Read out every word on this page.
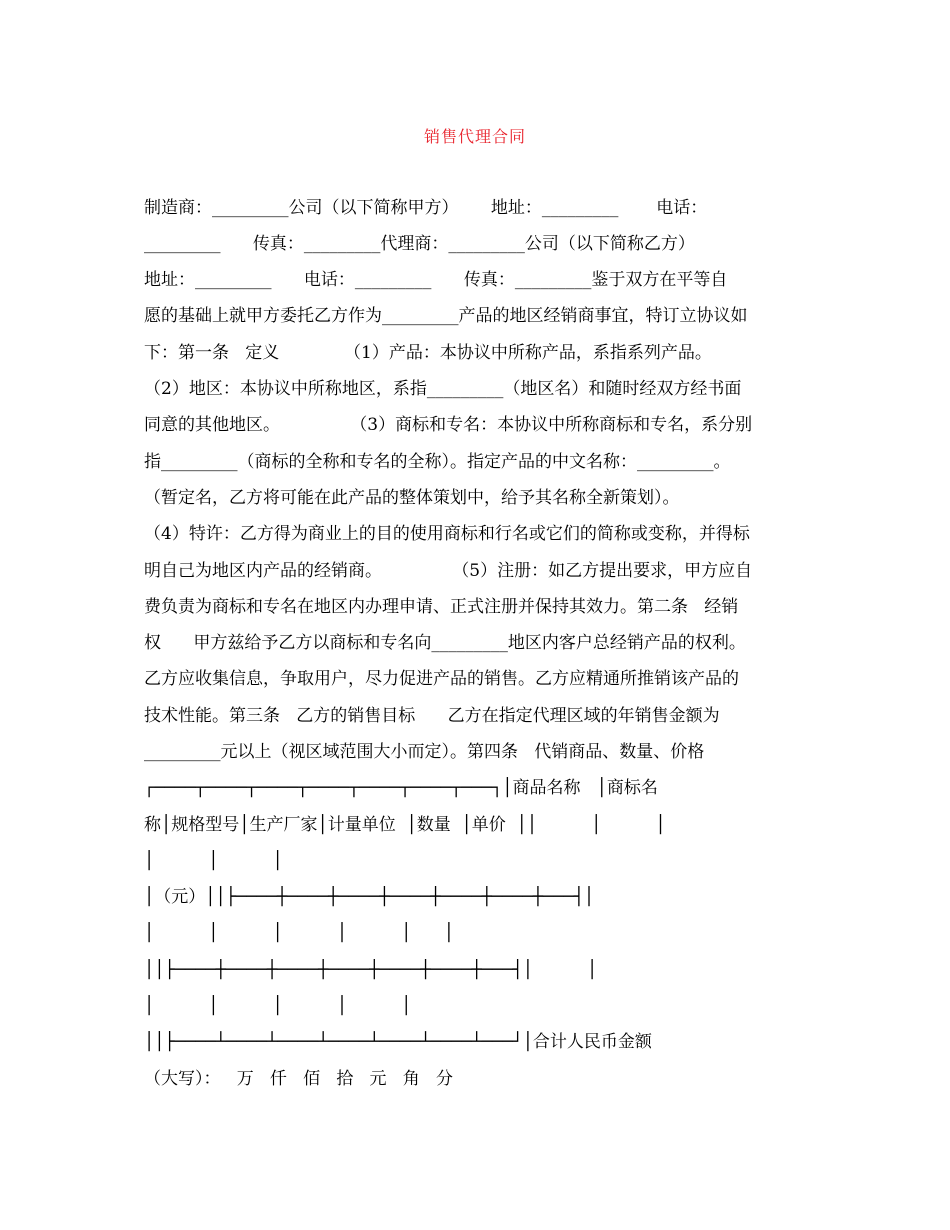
销售代理合同
制造商：_________公司（以下简称甲方）      地址：_________       电话：
_________      传真：_________代理商：_________公司（以下简称乙方）
地址：_________      电话：_________      传真：_________鉴于双方在平等自
愿的基础上就甲方委托乙方作为_________产品的地区经销商事宜，特订立协议如
下：第一条   定义            （1）产品：本协议中所称产品，系指系列产品。
（2）地区：本协议中所称地区，系指_________（地区名）和随时经双方经书面
同意的其他地区。             （3）商标和专名：本协议中所称商标和专名，系分别
指_________（商标的全称和专名的全称）。指定产品的中文名称：_________。
（暂定名，乙方将可能在此产品的整体策划中，给予其名称全新策划）。
（4）特许：乙方得为商业上的目的使用商标和行名或它们的简称或变称，并得标
明自己为地区内产品的经销商。             （5）注册：如乙方提出要求，甲方应自
费负责为商标和专名在地区内办理申请、正式注册并保持其效力。第二条   经销
权      甲方兹给予乙方以商标和专名向_________地区内客户总经销产品的权利。
乙方应收集信息，争取用户，尽力促进产品的销售。乙方应精通所推销该产品的
技术性能。第三条   乙方的销售目标      乙方在指定代理区域的年销售金额为
_________元以上（视区域范围大小而定）。第四条   代销商品、数量、价格
┌────┬────┬────┬────┬────┬────┬───┐│商品名称   │商标名
称│规格型号│生产厂家│计量单位  │数量  │单价  ││          │          │
│          │          │
│（元）││├────┼────┼────┼────┼────┼────┼───┤│
│          │          │          │          │      │
││├────┼────┼────┼────┼────┼────┼───┤│          │
│          │          │          │          │
││├────┴────┴────┴────┴────┴────┴───┘│合计人民币金额
（大写）：   万   仟   佰   拾   元   角   分
